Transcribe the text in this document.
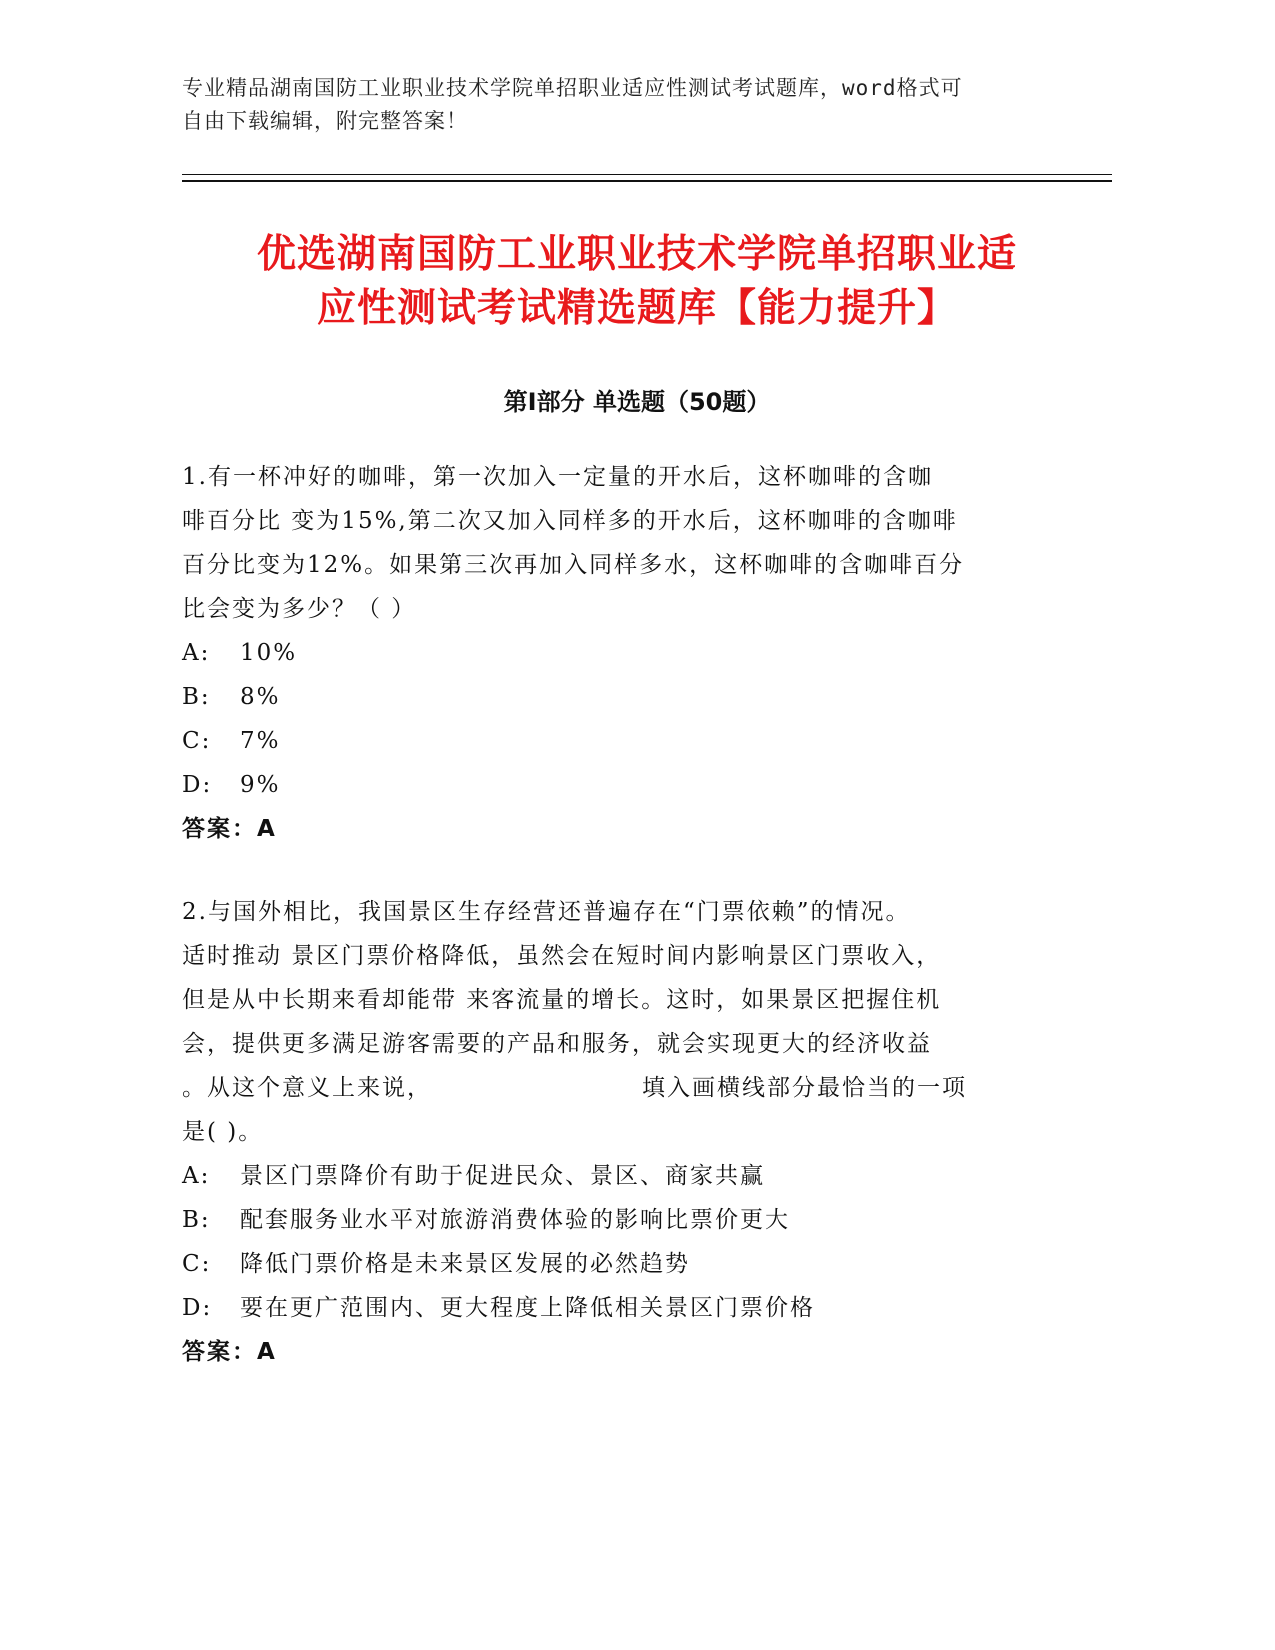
专业精品湖南国防工业职业技术学院单招职业适应性测试考试题库，word格式可
自由下载编辑，附完整答案！
优选湖南国防工业职业技术学院单招职业适
应性测试考试精选题库【能力提升】
第Ⅰ部分 单选题（50题）

1.有一杯冲好的咖啡，第一次加入一定量的开水后，这杯咖啡的含咖

啡百分比 变为15%,第二次又加入同样多的开水后，这杯咖啡的含咖啡

百分比变为12%。如果第三次再加入同样多水，这杯咖啡的含咖啡百分

比会变为多少？（ ）

A:	10%
B:	8%
C:	7%
D:	9%
答案：A

2.与国外相比，我国景区生存经营还普遍存在“门票依赖”的情况。

适时推动 景区门票价格降低，虽然会在短时间内影响景区门票收入，

但是从中长期来看却能带 来客流量的增长。这时，如果景区把握住机

会，提供更多满足游客需要的产品和服务，就会实现更大的经济收益

。从这个意义上来说，	填入画横线部分最恰当的一项

是( )。

A:	景区门票降价有助于促进民众、景区、商家共赢
B:	配套服务业水平对旅游消费体验的影响比票价更大
C:	降低门票价格是未来景区发展的必然趋势
D:	要在更广范围内、更大程度上降低相关景区门票价格
答案：A
